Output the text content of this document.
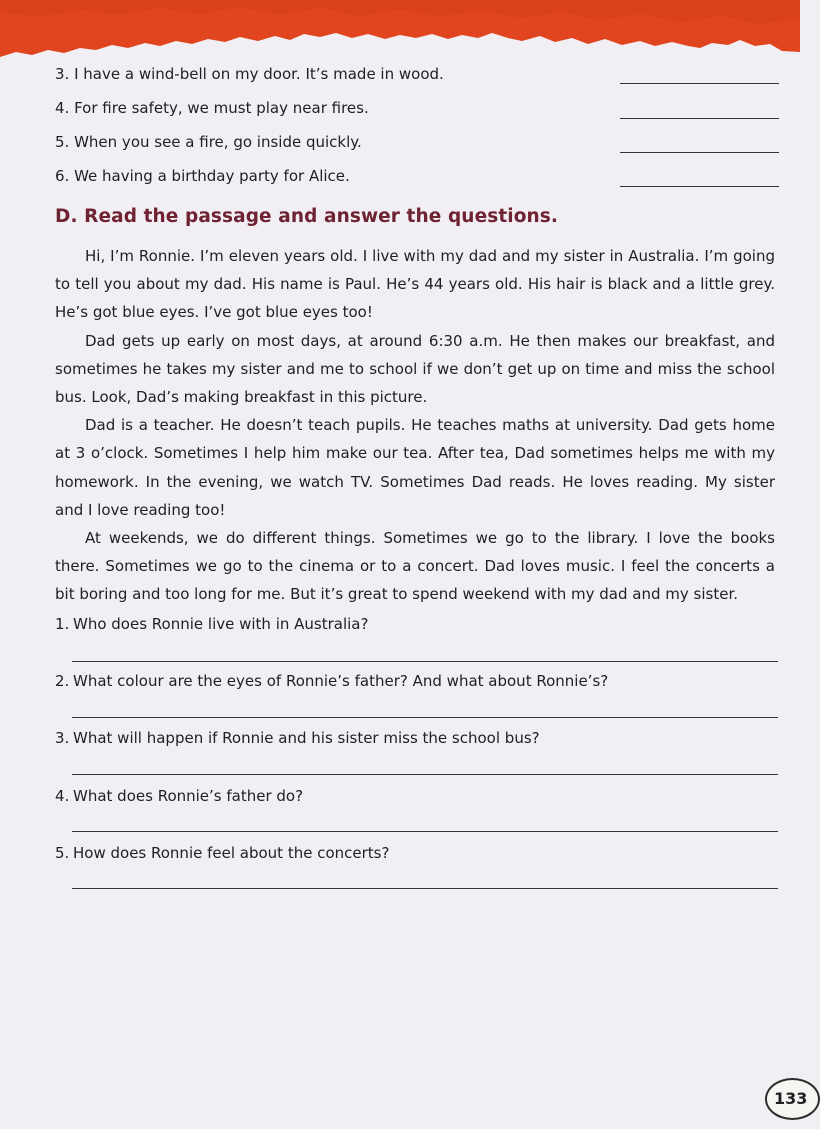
3. I have a wind-bell on my door. It’s made in wood.
4. For fire safety, we must play near fires.
5. When you see a fire, go inside quickly.
6. We having a birthday party for Alice.
D. Read the passage and answer the questions.

Hi, I’m Ronnie. I’m eleven years old. I live with my dad and my sister in Australia. I’m going to tell you about my dad. His name is Paul. He’s 44 years old. His hair is black and a little grey. He’s got blue eyes. I’ve got blue eyes too!

Dad gets up early on most days, at around 6:30 a.m. He then makes our breakfast, and sometimes he takes my sister and me to school if we don’t get up on time and miss the school bus. Look, Dad’s making breakfast in this picture.

Dad is a teacher. He doesn’t teach pupils. He teaches maths at university. Dad gets home at 3 o’clock. Sometimes I help him make our tea. After tea, Dad sometimes helps me with my homework. In the evening, we watch TV. Sometimes Dad reads. He loves reading. My sister and I love reading too!

At weekends, we do different things. Sometimes we go to the library. I love the books there. Sometimes we go to the cinema or to a concert. Dad loves music. I feel the concerts a bit boring and too long for me. But it’s great to spend weekend with my dad and my sister.

1. Who does Ronnie live with in Australia?
2. What colour are the eyes of Ronnie’s father? And what about Ronnie’s?
3. What will happen if Ronnie and his sister miss the school bus?
4. What does Ronnie’s father do?
5. How does Ronnie feel about the concerts?
133
